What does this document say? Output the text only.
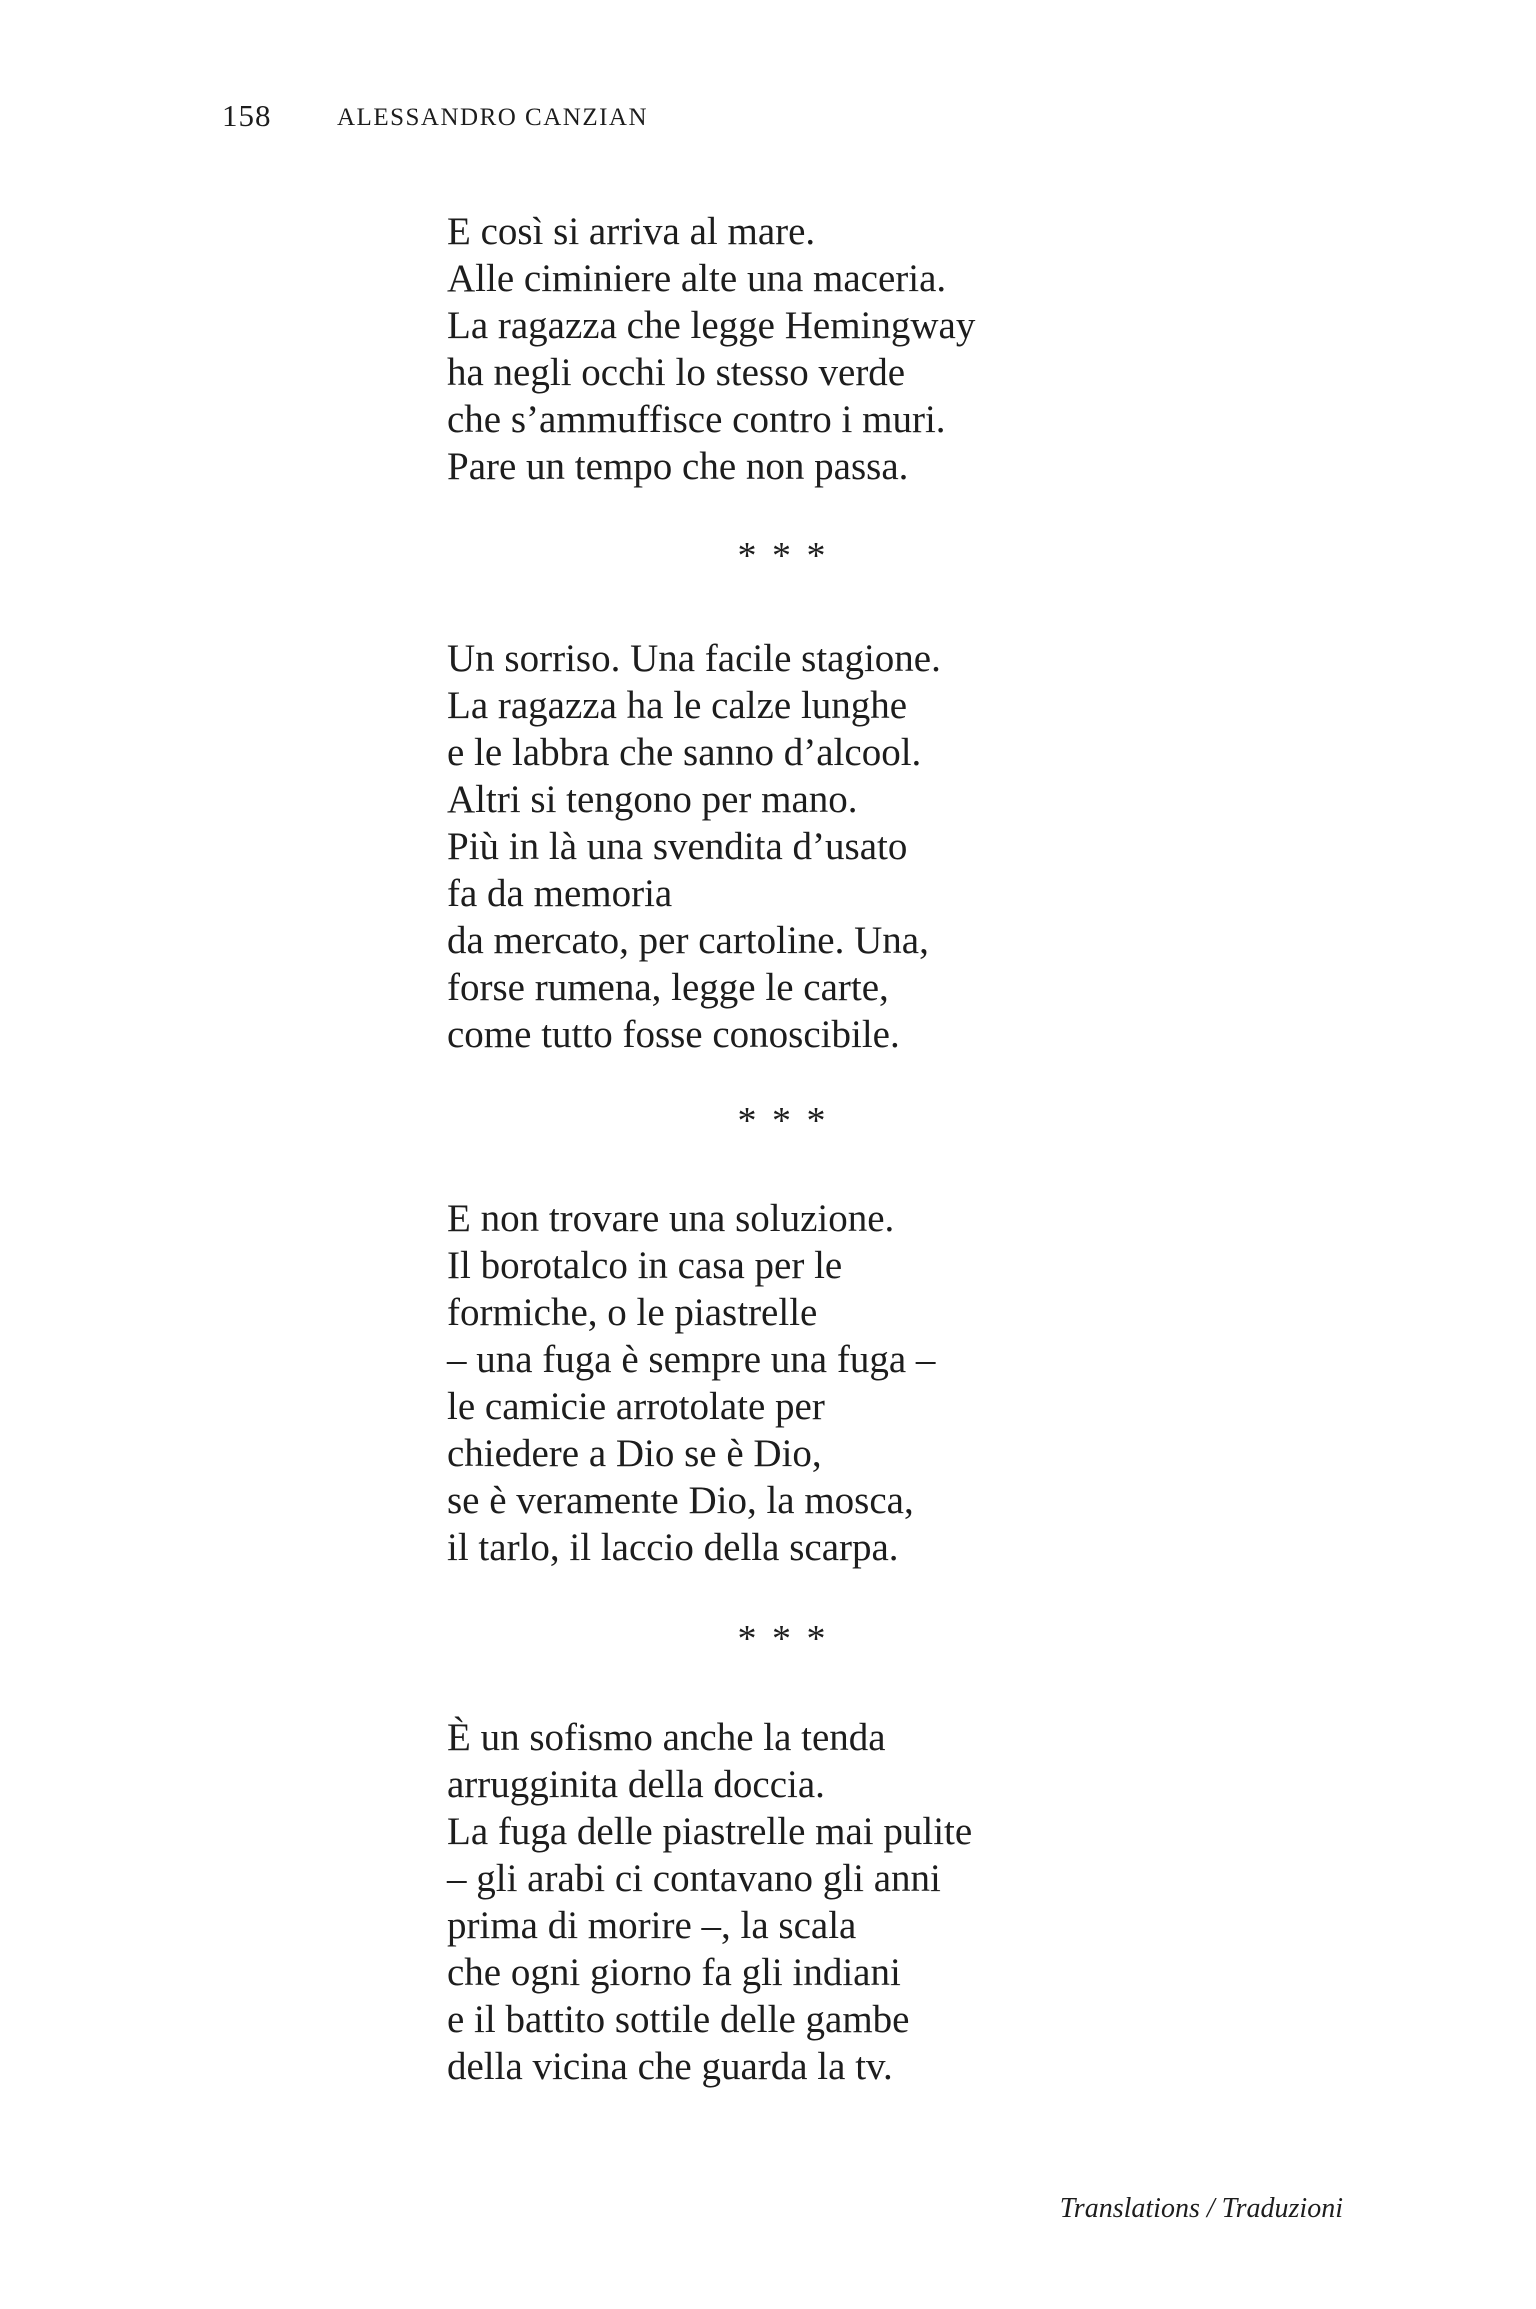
158	ALESSANDRO CANZIAN
E così si arriva al mare.
Alle ciminiere alte una maceria.
La ragazza che legge Hemingway
ha negli occhi lo stesso verde
che s’ammuffisce contro i muri.
Pare un tempo che non passa.
* * *
Un sorriso. Una facile stagione.
La ragazza ha le calze lunghe
e le labbra che sanno d’alcool.
Altri si tengono per mano.
Più in là una svendita d’usato
fa da memoria
da mercato, per cartoline. Una,
forse rumena, legge le carte,
come tutto fosse conoscibile.
* * *
E non trovare una soluzione.
Il borotalco in casa per le
formiche, o le piastrelle
– una fuga è sempre una fuga –
le camicie arrotolate per
chiedere a Dio se è Dio,
se è veramente Dio, la mosca,
il tarlo, il laccio della scarpa.
* * *
È un sofismo anche la tenda
arrugginita della doccia.
La fuga delle piastrelle mai pulite
– gli arabi ci contavano gli anni
prima di morire –, la scala
che ogni giorno fa gli indiani
e il battito sottile delle gambe
della vicina che guarda la tv.
Translations / Traduzioni
